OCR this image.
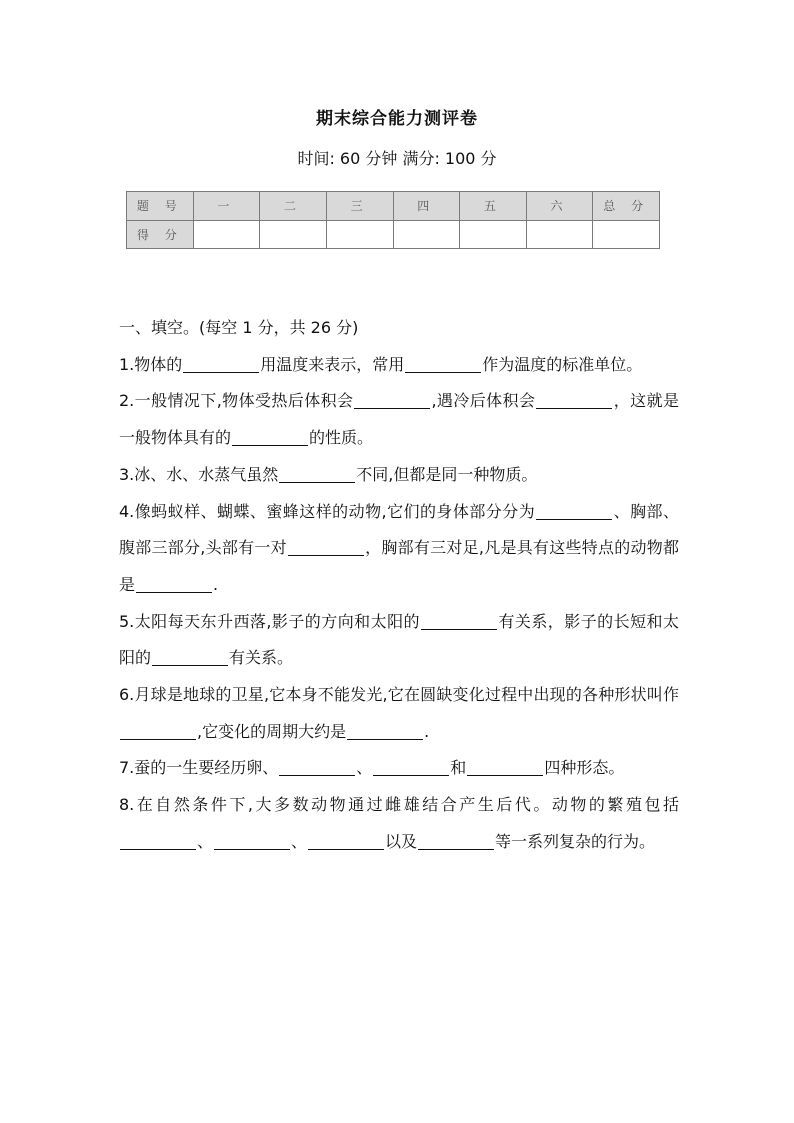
期末综合能力测评卷
时间: 60 分钟 满分: 100 分
题 号	一	二	三	四	五	六	总 分
得 分							

一、填空。(每空 1 分，共 26 分)

1.物体的	用温度来表示，常用	作为温度的标准单位。

2.一般情况下,物体受热后体积会	,遇冷后体积会	，这就是一般物体具有的	的性质。

3.冰、水、水蒸气虽然	不同,但都是同一种物质。

4.像蚂蚁样、蝴蝶、蜜蜂这样的动物,它们的身体部分分为	、胸部、腹部三部分,头部有一对	，胸部有三对足,凡是具有这些特点的动物都是	.

5.太阳每天东升西落,影子的方向和太阳的	有关系，影子的长短和太阳的	有关系。

6.月球是地球的卫星,它本身不能发光,它在圆缺变化过程中出现的各种形状叫作,它变化的周期大约是	.

7.蚕的一生要经历卵、	、	和	四种形态。

8.在自然条件下,大多数动物通过雌雄结合产生后代。动物的繁殖包括、	、	以及	等一系列复杂的行为。
